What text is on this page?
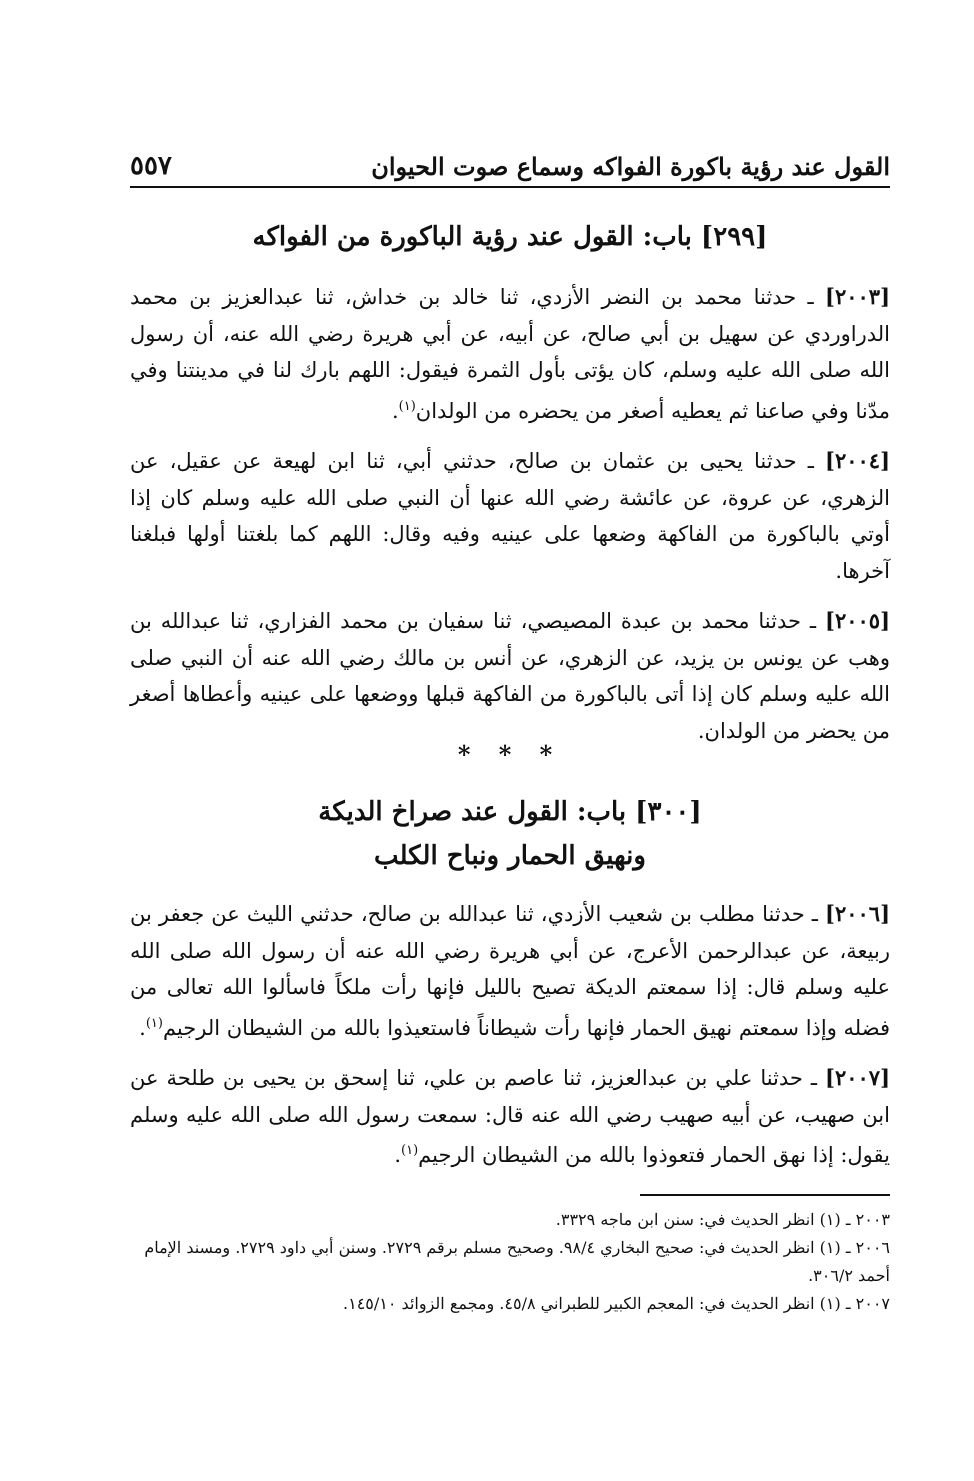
القول عند رؤية باكورة الفواكه وسماع صوت الحيوان
٥٥٧
[٢٩٩] باب: القول عند رؤية الباكورة من الفواكه

[٢٠٠٣] ـ حدثنا محمد بن النضر الأزدي، ثنا خالد بن خداش، ثنا عبدالعزيز بن محمد الدراوردي عن سهيل بن أبي صالح، عن أبيه، عن أبي هريرة رضي الله عنه، أن رسول الله صلى الله عليه وسلم، كان يؤتى بأول الثمرة فيقول: اللهم بارك لنا في مدينتنا وفي مدّنا وفي صاعنا ثم يعطيه أصغر من يحضره من الولدان$^{(١)}$.

[٢٠٠٤] ـ حدثنا يحيى بن عثمان بن صالح، حدثني أبي، ثنا ابن لهيعة عن عقيل، عن الزهري، عن عروة، عن عائشة رضي الله عنها أن النبي صلى الله عليه وسلم كان إذا أوتي بالباكورة من الفاكهة وضعها على عينيه وفيه وقال: اللهم كما بلغتنا أولها فبلغنا آخرها.

[٢٠٠٥] ـ حدثنا محمد بن عبدة المصيصي، ثنا سفيان بن محمد الفزاري، ثنا عبدالله بن وهب عن يونس بن يزيد، عن الزهري، عن أنس بن مالك رضي الله عنه أن النبي صلى الله عليه وسلم كان إذا أتى بالباكورة من الفاكهة قبلها ووضعها على عينيه وأعطاها أصغر من يحضر من الولدان.

* * *
[٣٠٠] باب: القول عند صراخ الديكة
ونهيق الحمار ونباح الكلب

[٢٠٠٦] ـ حدثنا مطلب بن شعيب الأزدي، ثنا عبدالله بن صالح، حدثني الليث عن جعفر بن ربيعة، عن عبدالرحمن الأعرج، عن أبي هريرة رضي الله عنه أن رسول الله صلى الله عليه وسلم قال: إذا سمعتم الديكة تصيح بالليل فإنها رأت ملكاً فاسألوا الله تعالى من فضله وإذا سمعتم نهيق الحمار فإنها رأت شيطاناً فاستعيذوا بالله من الشيطان الرجيم$^{(١)}$.

[٢٠٠٧] ـ حدثنا علي بن عبدالعزيز، ثنا عاصم بن علي، ثنا إسحق بن يحيى بن طلحة عن ابن صهيب، عن أبيه صهيب رضي الله عنه قال: سمعت رسول الله صلى الله عليه وسلم يقول: إذا نهق الحمار فتعوذوا بالله من الشيطان الرجيم$^{(١)}$.

٢٠٠٣ ـ (١) انظر الحديث في: سنن ابن ماجه ٣٣٢٩.

٢٠٠٦ ـ (١) انظر الحديث في: صحيح البخاري ٩٨/٤. وصحيح مسلم برقم ٢٧٢٩. وسنن أبي داود ٢٧٢٩. ومسند الإمام أحمد ٣٠٦/٢.

٢٠٠٧ ـ (١) انظر الحديث في: المعجم الكبير للطبراني ٤٥/٨. ومجمع الزوائد ١٤٥/١٠.
